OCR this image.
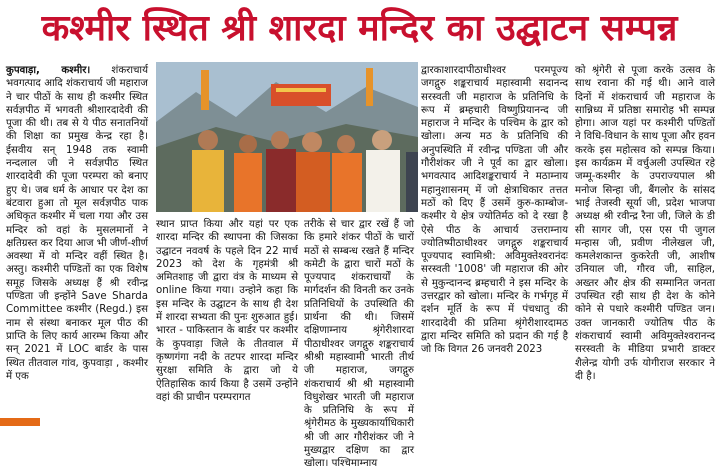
कश्मीर स्थित श्री शारदा मन्दिर का उद्घाटन सम्पन्न

कुपवाड़ा, कश्मीर। शंकराचार्य भवगत्पाद आदि शंकराचार्य जी महाराज ने चार पीठों के साथ ही कश्मीर स्थित सर्वज्ञपीठ में भगवती श्रीशारदादेवी की पूजा की थी। तब से ये पीठ सनातनियों की शिक्षा का प्रमुख केन्द्र रहा है। ईसवीय सन् 1948 तक स्वामी नन्दलाल जी ने सर्वज्ञपीठ स्थित शारदादेवी की पूजा परम्परा को बनाए हुए थे। जब धर्म के आधार पर देश का बंटवारा हुआ तो मूल सर्वज्ञपीठ पाक अधिकृत कश्मीर में चला गया और उस मन्दिर को वहां के मुसलमानों ने क्षतिग्रस्त कर दिया आज भी जीर्ण-शीर्ण अवस्था में वो मन्दिर वहीं स्थित है। अस्तु। कश्मीरी पण्डितों का एक विशेष समूह जिसके अध्यक्ष हैं श्री रवीन्द्र पण्डिता जी इन्होंने Save Sharda Committee कश्मीर (Regd.) इस नाम से संस्था बनाकर मूल पीठ की प्राप्ति के लिए कार्य आरम्भ किया और सन् 2021 में LOC बार्डर के पास स्थित तीतवाल गांव, कुपवाड़ा , कश्मीर में एक

स्थान प्राप्त किया और यहां पर एक शारदा मन्दिर की स्थापना की जिसका उद्घाटन नववर्ष के पहले दिन 22 मार्च 2023 को देश के गृहमंत्री श्री अमितशाह जी द्वारा वंत्र के माध्यम से online किया गया। उन्होने कहा कि इस मन्दिर के उद्घाटन के साथ ही देश में शारदा सभ्यता की पुनः शुरुआत हुई। भारत - पाकिस्तान के बार्डर पर कश्मीर के कुपवाड़ा जिले के तीतवाल में कृष्णगंगा नदी के तटपर शारदा मन्दिर सुरक्षा समिति के द्वारा जो ये ऐतिहासिक कार्य किया है उसमें उन्होंने वहां की प्राचीन परम्परागत

तरीके से चार द्वार रखें हैं जो कि हमारे शंकर पीठों के चारों मठों से सम्बन्ध रखते हैं मन्दिर कमेटी के द्वारा चारों मठों के पूज्यपाद शंकराचार्यों के मार्गदर्शन की विनती कर उनके प्रतिनिधियों के उपस्थिति की प्रार्थना की थी। जिसमें दक्षिणाम्नाय श्रृंगेरीशारदा पीठाधीश्वर जगद्गुरु शङ्कराचार्य श्रीश्री महास्वामी भारती तीर्थ जी महाराज, जगद्गुरु शंकराचार्य श्री श्री महास्वामी विधुशेखर भारती जी महाराज के प्रतिनिधि के रूप में श्रृंगेरीमठ के मुख्यकार्याधिकारी श्री जी आर गौरीशंकर जी ने मुख्यद्वार दक्षिण का द्वार खोला। पश्चिमाम्नाय

द्वारकाशारदापीठाधीश्वर परमपूज्य जगद्गुरु शङ्कराचार्य महास्वामी सदानन्द सरस्वती जी महाराज के प्रतिनिधि के रूप में ब्रम्हचारी विष्णुप्रियानन्द जी महाराज ने मन्दिर के पश्चिम के द्वार को खोला। अन्य मठ के प्रतिनिधि की अनुपस्थिति में रवीन्द्र पण्डिता जी और गौरीशंकर जी ने पूर्व का द्वार खोला। भगवत्पाद आदिशङ्कराचार्य ने मठाम्नाय महानुशासनम् में जो क्षेत्राधिकार तत्तत मठों को दिए हैं उसमें कुरु-काम्बोज-कश्मीर ये क्षेत्र ज्योतिर्मठ को दे रखा है ऐसे पीठ के आचार्य उत्तराम्नाय ज्योतिष्पीठाधीश्वर जगद्गुरु शङ्कराचार्य पूज्यपाद स्वामिश्री: अविमुक्तेश्वरानंदः सरस्वती '1008' जी महाराज की ओर से मुकुन्दानन्द ब्रम्हचारी ने इस मन्दिर के उत्तरद्वार को खोला। मन्दिर के गर्भगृह में दर्शन मूर्ति के रूप में पंचधातु की शारदादेवी की प्रतिमा श्रृंगेरीशारदामठ द्वारा मन्दिर समिति को प्रदान की गई है जो कि विगत 26 जनवरी 2023

को श्रृंगेरी से पूजा करके उत्सव के साथ रवाना की गई थी। आने वाले दिनों में शंकराचार्य जी महाराज के सान्निध्य में प्रतिष्ठा समारोह भी सम्पन्न होगा। आज यहां पर कश्मीरी पण्डितों ने विधि-विधान के साथ पूजा और हवन करके इस महोत्सव को सम्पन्न किया। इस कार्यक्रम में वर्चुअली उपस्थित रहे जम्मू-कश्मीर के उपराज्यपाल श्री मनोज सिन्हा जी, बैंगलोर के सांसद भाई तेजस्वी सूर्या जी, प्रदेश भाजपा अध्यक्ष श्री रवीन्द्र रैना जी, जिले के डी सी सागर जी, एस एस पी जुगल मन्हास जी, प्रवीण नीलेखल जी, कमलेशकान्त कुकरेती जी, आशीष उनियाल जी, गौरव जी, साहिल, अख्तर और क्षेत्र की सम्मानित जनता उपस्थित रही साथ ही देश के कोने कोने से पधारे कश्मीरी पण्डित जन। उक्त जानकारी ज्योतिष पीठ के शंकराचार्य स्वामी अविमुक्तेश्वरानन्द सरस्वती के मीडिया प्रभारी डाक्टर शैलेन्द्र योगी उर्फ योगीराज सरकार ने दी है।
